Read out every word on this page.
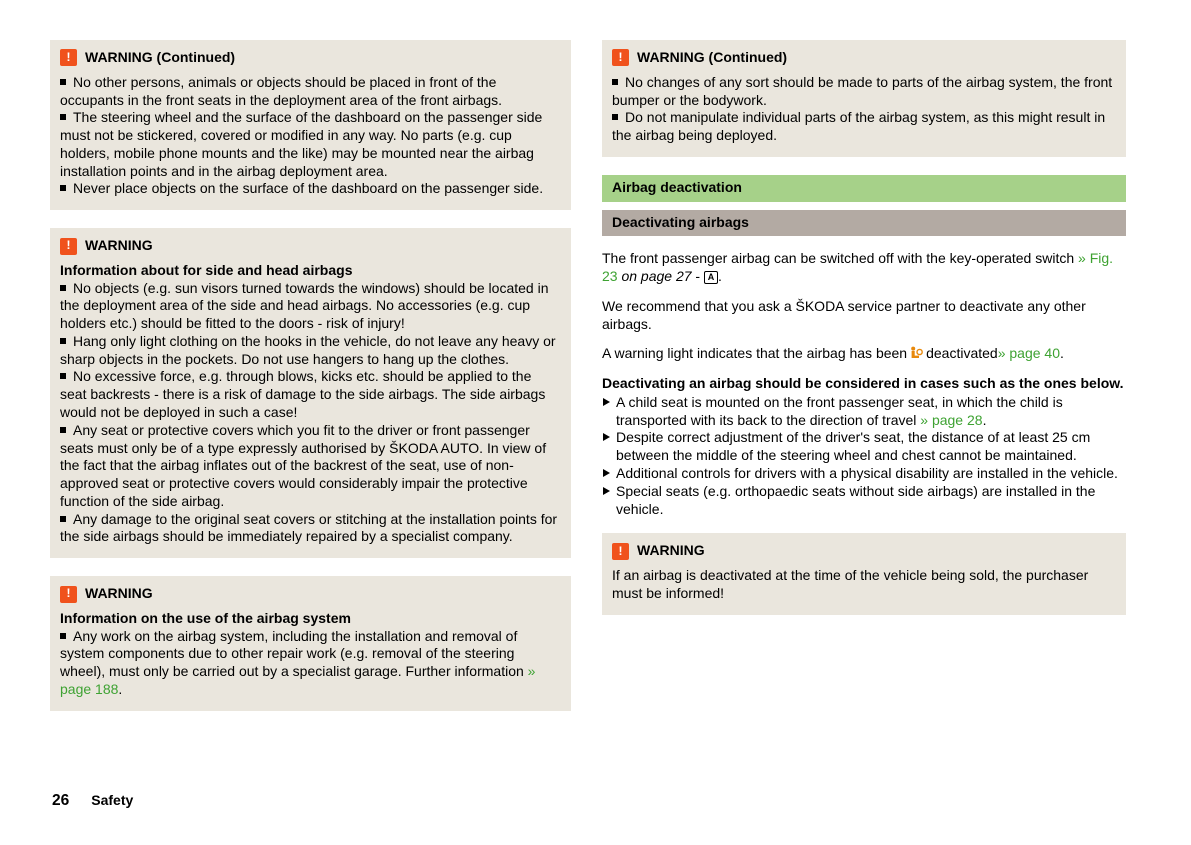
!	WARNING (Continued)
No other persons, animals or objects should be placed in front of the occupants in the front seats in the deployment area of the front airbags.
The steering wheel and the surface of the dashboard on the passenger side must not be stickered, covered or modified in any way. No parts (e.g. cup holders, mobile phone mounts and the like) may be mounted near the airbag installation points and in the airbag deployment area.
Never place objects on the surface of the dashboard on the passenger side.
!	WARNING
Information about for side and head airbags
No objects (e.g. sun visors turned towards the windows) should be located in the deployment area of the side and head airbags. No accessories (e.g. cup holders etc.) should be fitted to the doors - risk of injury!
Hang only light clothing on the hooks in the vehicle, do not leave any heavy or sharp objects in the pockets. Do not use hangers to hang up the clothes.
No excessive force, e.g. through blows, kicks etc. should be applied to the seat backrests - there is a risk of damage to the side airbags. The side airbags would not be deployed in such a case!
Any seat or protective covers which you fit to the driver or front passenger seats must only be of a type expressly authorised by ŠKODA AUTO. In view of the fact that the airbag inflates out of the backrest of the seat, use of non-approved seat or protective covers would considerably impair the protective function of the side airbag.
Any damage to the original seat covers or stitching at the installation points for the side airbags should be immediately repaired by a specialist company.
!	WARNING
Information on the use of the airbag system
Any work on the airbag system, including the installation and removal of system components due to other repair work (e.g. removal of the steering wheel), must only be carried out by a specialist garage. Further information » page 188.
!	WARNING (Continued)
No changes of any sort should be made to parts of the airbag system, the front bumper or the bodywork.
Do not manipulate individual parts of the airbag system, as this might result in the airbag being deployed.
Airbag deactivation
Deactivating airbags
The front passenger airbag can be switched off with the key-operated switch » Fig. 23 on page 27 - A .
We recommend that you ask a ŠKODA service partner to deactivate any other airbags.
A warning light indicates that the airbag has been deactivated» page 40.
Deactivating an airbag should be considered in cases such as the ones below.
A child seat is mounted on the front passenger seat, in which the child is transported with its back to the direction of travel » page 28.
Despite correct adjustment of the driver's seat, the distance of at least 25 cm between the middle of the steering wheel and chest cannot be maintained.
Additional controls for drivers with a physical disability are installed in the vehicle.
Special seats (e.g. orthopaedic seats without side airbags) are installed in the vehicle.
!	WARNING
If an airbag is deactivated at the time of the vehicle being sold, the purchaser must be informed!
26 Safety
